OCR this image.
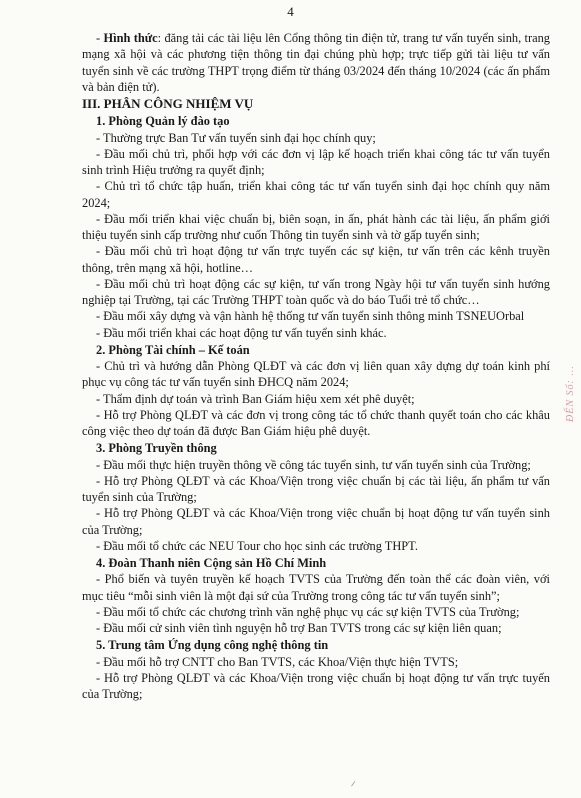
4

- Hình thức: đăng tải các tài liệu lên Cổng thông tin điện tử, trang tư vấn tuyển sinh, trang mạng xã hội và các phương tiện thông tin đại chúng phù hợp; trực tiếp gửi tài liệu tư vấn tuyển sinh về các trường THPT trọng điểm từ tháng 03/2024 đến tháng 10/2024 (các ấn phẩm và bản điện tử).

III. PHÂN CÔNG NHIỆM VỤ

1. Phòng Quản lý đào tạo

- Thường trực Ban Tư vấn tuyển sinh đại học chính quy;

- Đầu mối chủ trì, phối hợp với các đơn vị lập kế hoạch triển khai công tác tư vấn tuyển sinh trình Hiệu trưởng ra quyết định;

- Chủ trì tổ chức tập huấn, triển khai công tác tư vấn tuyển sinh đại học chính quy năm 2024;

- Đầu mối triển khai việc chuẩn bị, biên soạn, in ấn, phát hành các tài liệu, ấn phẩm giới thiệu tuyển sinh cấp trường như cuốn Thông tin tuyển sinh và tờ gấp tuyển sinh;

- Đầu mối chủ trì hoạt động tư vấn trực tuyến các sự kiện, tư vấn trên các kênh truyền thông, trên mạng xã hội, hotline…

- Đầu mối chủ trì hoạt động các sự kiện, tư vấn trong Ngày hội tư vấn tuyển sinh hướng nghiệp tại Trường, tại các Trường THPT toàn quốc và do báo Tuổi trẻ tổ chức…

- Đầu mối xây dựng và vận hành hệ thống tư vấn tuyển sinh thông minh TSNEUOrbal

- Đầu mối triển khai các hoạt động tư vấn tuyển sinh khác.

2. Phòng Tài chính – Kế toán

- Chủ trì và hướng dẫn Phòng QLĐT và các đơn vị liên quan xây dựng dự toán kinh phí phục vụ công tác tư vấn tuyển sinh ĐHCQ năm 2024;

- Thẩm định dự toán và trình Ban Giám hiệu xem xét phê duyệt;

- Hỗ trợ Phòng QLĐT và các đơn vị trong công tác tổ chức thanh quyết toán cho các khâu công việc theo dự toán đã được Ban Giám hiệu phê duyệt.

3. Phòng Truyền thông

- Đầu mối thực hiện truyền thông về công tác tuyển sinh, tư vấn tuyển sinh của Trường;

- Hỗ trợ Phòng QLĐT và các Khoa/Viện trong việc chuẩn bị các tài liệu, ấn phẩm tư vấn tuyển sinh của Trường;

- Hỗ trợ Phòng QLĐT và các Khoa/Viện trong việc chuẩn bị hoạt động tư vấn tuyển sinh của Trường;

- Đầu mối tổ chức các NEU Tour cho học sinh các trường THPT.

4. Đoàn Thanh niên Cộng sản Hồ Chí Minh

- Phổ biến và tuyên truyền kế hoạch TVTS của Trường đến toàn thể các đoàn viên, với mục tiêu “mỗi sinh viên là một đại sứ của Trường trong công tác tư vấn tuyển sinh”;

- Đầu mối tổ chức các chương trình văn nghệ phục vụ các sự kiện TVTS của Trường;

- Đầu mối cử sinh viên tình nguyện hỗ trợ Ban TVTS trong các sự kiện liên quan;

5. Trung tâm Ứng dụng công nghệ thông tin

- Đầu mối hỗ trợ CNTT cho Ban TVTS, các Khoa/Viện thực hiện TVTS;

- Hỗ trợ Phòng QLĐT và các Khoa/Viện trong việc chuẩn bị hoạt động tư vấn trực tuyến của Trường;

ĐẾN Số: ...
